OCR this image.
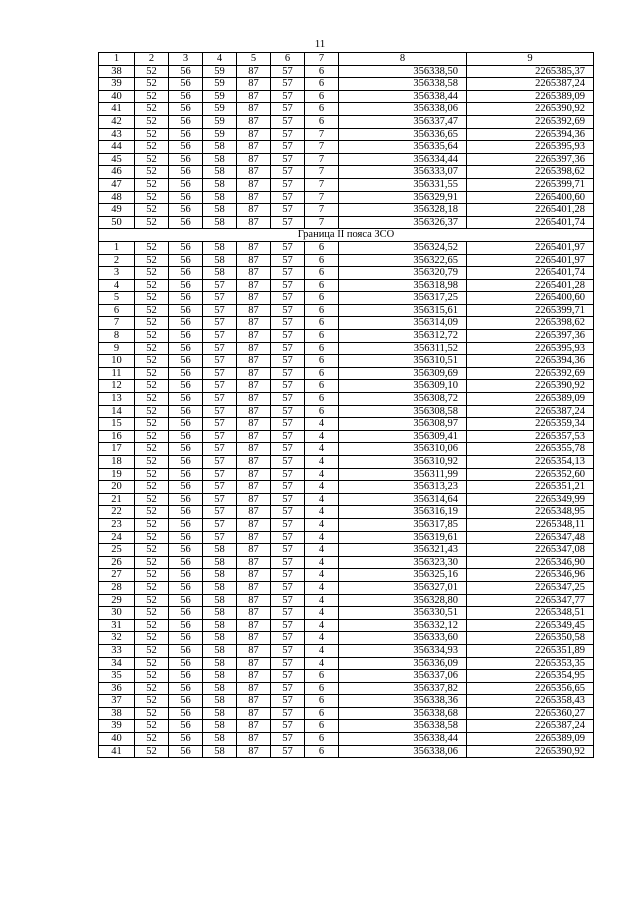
11
1	2	3	4	5	6	7	8	9
38	52	56	59	87	57	6	356338,50	2265385,37
39	52	56	59	87	57	6	356338,58	2265387,24
40	52	56	59	87	57	6	356338,44	2265389,09
41	52	56	59	87	57	6	356338,06	2265390,92
42	52	56	59	87	57	6	356337,47	2265392,69
43	52	56	59	87	57	7	356336,65	2265394,36
44	52	56	58	87	57	7	356335,64	2265395,93
45	52	56	58	87	57	7	356334,44	2265397,36
46	52	56	58	87	57	7	356333,07	2265398,62
47	52	56	58	87	57	7	356331,55	2265399,71
48	52	56	58	87	57	7	356329,91	2265400,60
49	52	56	58	87	57	7	356328,18	2265401,28
50	52	56	58	87	57	7	356326,37	2265401,74
Граница II пояса ЗСО								
1	52	56	58	87	57	6	356324,52	2265401,97
2	52	56	58	87	57	6	356322,65	2265401,97
3	52	56	58	87	57	6	356320,79	2265401,74
4	52	56	57	87	57	6	356318,98	2265401,28
5	52	56	57	87	57	6	356317,25	2265400,60
6	52	56	57	87	57	6	356315,61	2265399,71
7	52	56	57	87	57	6	356314,09	2265398,62
8	52	56	57	87	57	6	356312,72	2265397,36
9	52	56	57	87	57	6	356311,52	2265395,93
10	52	56	57	87	57	6	356310,51	2265394,36
11	52	56	57	87	57	6	356309,69	2265392,69
12	52	56	57	87	57	6	356309,10	2265390,92
13	52	56	57	87	57	6	356308,72	2265389,09
14	52	56	57	87	57	6	356308,58	2265387,24
15	52	56	57	87	57	4	356308,97	2265359,34
16	52	56	57	87	57	4	356309,41	2265357,53
17	52	56	57	87	57	4	356310,06	2265355,78
18	52	56	57	87	57	4	356310,92	2265354,13
19	52	56	57	87	57	4	356311,99	2265352,60
20	52	56	57	87	57	4	356313,23	2265351,21
21	52	56	57	87	57	4	356314,64	2265349,99
22	52	56	57	87	57	4	356316,19	2265348,95
23	52	56	57	87	57	4	356317,85	2265348,11
24	52	56	57	87	57	4	356319,61	2265347,48
25	52	56	58	87	57	4	356321,43	2265347,08
26	52	56	58	87	57	4	356323,30	2265346,90
27	52	56	58	87	57	4	356325,16	2265346,96
28	52	56	58	87	57	4	356327,01	2265347,25
29	52	56	58	87	57	4	356328,80	2265347,77
30	52	56	58	87	57	4	356330,51	2265348,51
31	52	56	58	87	57	4	356332,12	2265349,45
32	52	56	58	87	57	4	356333,60	2265350,58
33	52	56	58	87	57	4	356334,93	2265351,89
34	52	56	58	87	57	4	356336,09	2265353,35
35	52	56	58	87	57	6	356337,06	2265354,95
36	52	56	58	87	57	6	356337,82	2265356,65
37	52	56	58	87	57	6	356338,36	2265358,43
38	52	56	58	87	57	6	356338,68	2265360,27
39	52	56	58	87	57	6	356338,58	2265387,24
40	52	56	58	87	57	6	356338,44	2265389,09
41	52	56	58	87	57	6	356338,06	2265390,92
